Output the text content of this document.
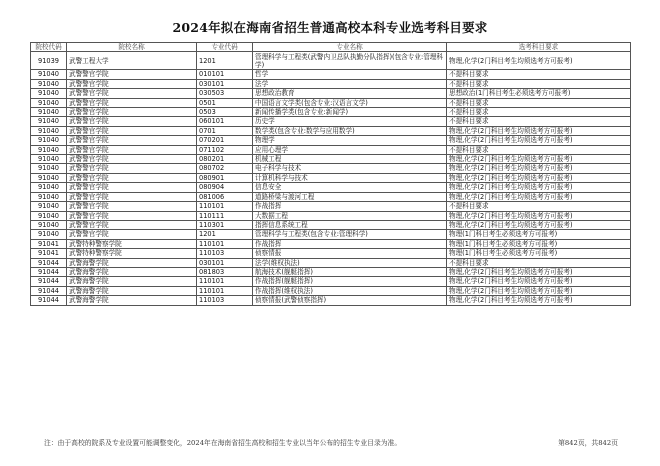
2024年拟在海南省招生普通高校本科专业选考科目要求
院校代码	院校名称	专业代码	专业名称	选考科目要求
91039	武警工程大学	1201	管理科学与工程类(武警内卫总队执勤分队指挥)(包含专业:管理科学)	物理,化学(2门科目考生均须选考方可报考)
91040	武警警官学院	010101	哲学	不提科目要求
91040	武警警官学院	030101	法学	不提科目要求
91040	武警警官学院	030503	思想政治教育	思想政治(1门科目考生必须选考方可报考)
91040	武警警官学院	0501	中国语言文学类(包含专业:汉语言文学)	不提科目要求
91040	武警警官学院	0503	新闻传播学类(包含专业:新闻学)	不提科目要求
91040	武警警官学院	060101	历史学	不提科目要求
91040	武警警官学院	0701	数学类(包含专业:数学与应用数学)	物理,化学(2门科目考生均须选考方可报考)
91040	武警警官学院	070201	物理学	物理,化学(2门科目考生均须选考方可报考)
91040	武警警官学院	071102	应用心理学	不提科目要求
91040	武警警官学院	080201	机械工程	物理,化学(2门科目考生均须选考方可报考)
91040	武警警官学院	080702	电子科学与技术	物理,化学(2门科目考生均须选考方可报考)
91040	武警警官学院	080901	计算机科学与技术	物理,化学(2门科目考生均须选考方可报考)
91040	武警警官学院	080904	信息安全	物理,化学(2门科目考生均须选考方可报考)
91040	武警警官学院	081006	道路桥梁与渡河工程	物理,化学(2门科目考生均须选考方可报考)
91040	武警警官学院	110101	作战指挥	不提科目要求
91040	武警警官学院	110111	大数据工程	物理,化学(2门科目考生均须选考方可报考)
91040	武警警官学院	110301	指挥信息系统工程	物理,化学(2门科目考生均须选考方可报考)
91040	武警警官学院	1201	管理科学与工程类(包含专业:管理科学)	物理(1门科目考生必须选考方可报考)
91041	武警特种警察学院	110101	作战指挥	物理(1门科目考生必须选考方可报考)
91041	武警特种警察学院	110103	侦察情报	物理(1门科目考生必须选考方可报考)
91044	武警海警学院	030101	法学(维权执法)	不提科目要求
91044	武警海警学院	081803	航海技术(舰艇指挥)	物理,化学(2门科目考生均须选考方可报考)
91044	武警海警学院	110101	作战指挥(舰艇指挥)	物理,化学(2门科目考生均须选考方可报考)
91044	武警海警学院	110101	作战指挥(维权执法)	物理,化学(2门科目考生均须选考方可报考)
91044	武警海警学院	110103	侦察情报(武警侦察指挥)	物理,化学(2门科目考生均须选考方可报考)
注：由于高校的院系及专业设置可能调整变化，2024年在海南省招生高校和招生专业以当年公布的招生专业目录为准。	第842页，共842页
